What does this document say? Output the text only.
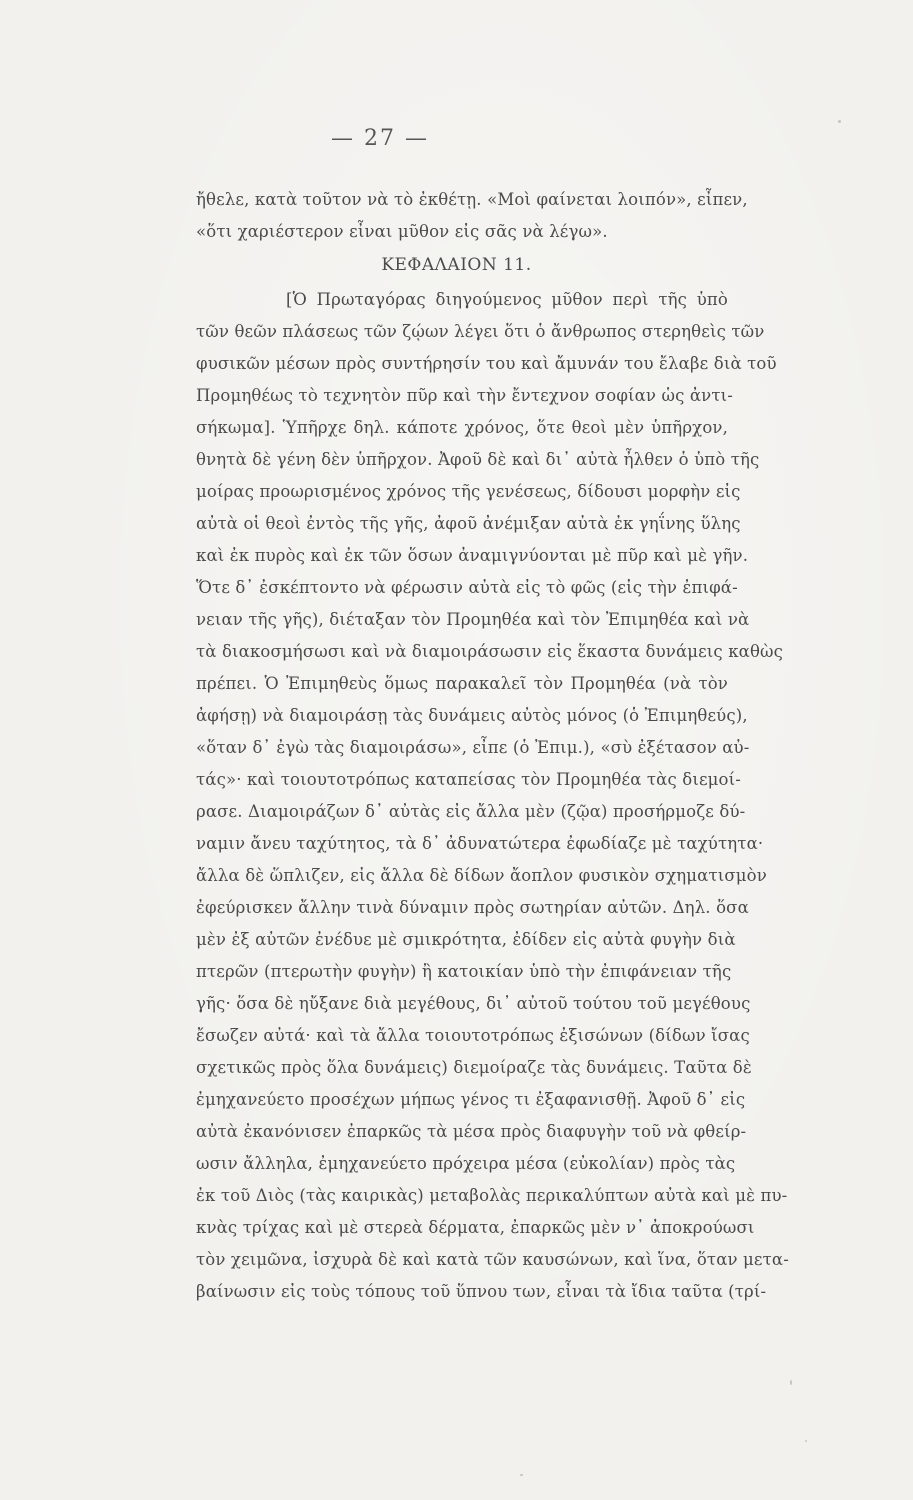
— 27 —
ἤθελε, κατὰ τοῦτον νὰ τὸ ἐκθέτῃ. «Μοὶ φαίνεται λοιπόν», εἶπεν,
«ὅτι χαριέστερον εἶναι μῦθον εἰς σᾶς νὰ λέγω».
ΚΕΦΑΛΑΙΟΝ 11.
[Ὁ Πρωταγόρας διηγούμενος μῦθον περὶ τῆς ὑπὸ
τῶν θεῶν πλάσεως τῶν ζῴων λέγει ὅτι ὁ ἄνθρωπος στερηθεὶς τῶν
φυσικῶν μέσων πρὸς συντήρησίν του καὶ ἄμυνάν του ἔλαβε διὰ τοῦ
Προμηθέως τὸ τεχνητὸν πῦρ καὶ τὴν ἔντεχνον σοφίαν ὡς ἀντι-
σήκωμα]. Ὑπῆρχε δηλ. κάποτε χρόνος, ὅτε θεοὶ μὲν ὑπῆρχον,
θνητὰ δὲ γένη δὲν ὑπῆρχον. Ἀφοῦ δὲ καὶ δι᾽ αὐτὰ ἦλθεν ὁ ὑπὸ τῆς
μοίρας προωρισμένος χρόνος τῆς γενέσεως, δίδουσι μορφὴν εἰς
αὐτὰ οἱ θεοὶ ἐντὸς τῆς γῆς, ἀφοῦ ἀνέμιξαν αὐτὰ ἐκ γηΐνης ὕλης
καὶ ἐκ πυρὸς καὶ ἐκ τῶν ὅσων ἀναμιγνύονται μὲ πῦρ καὶ μὲ γῆν.
Ὅτε δ᾽ ἐσκέπτοντο νὰ φέρωσιν αὐτὰ εἰς τὸ φῶς (εἰς τὴν ἐπιφά-
νειαν τῆς γῆς), διέταξαν τὸν Προμηθέα καὶ τὸν Ἐπιμηθέα καὶ νὰ
τὰ διακοσμήσωσι καὶ νὰ διαμοιράσωσιν εἰς ἕκαστα δυνάμεις καθὼς
πρέπει. Ὁ Ἐπιμηθεὺς ὅμως παρακαλεῖ τὸν Προμηθέα (νὰ τὸν
ἀφήσῃ) νὰ διαμοιράσῃ τὰς δυνάμεις αὐτὸς μόνος (ὁ Ἐπιμηθεύς),
«ὅταν δ᾽ ἐγὼ τὰς διαμοιράσω», εἶπε (ὁ Ἐπιμ.), «σὺ ἐξέτασον αὐ-
τάς»· καὶ τοιουτοτρόπως καταπείσας τὸν Προμηθέα τὰς διεμοί-
ρασε. Διαμοιράζων δ᾽ αὐτὰς εἰς ἄλλα μὲν (ζῷα) προσήρμοζε δύ-
ναμιν ἄνευ ταχύτητος, τὰ δ᾽ ἀδυνατώτερα ἐφωδίαζε μὲ ταχύτητα·
ἄλλα δὲ ὥπλιζεν, εἰς ἄλλα δὲ δίδων ἄοπλον φυσικὸν σχηματισμὸν
ἐφεύρισκεν ἄλλην τινὰ δύναμιν πρὸς σωτηρίαν αὐτῶν. Δηλ. ὅσα
μὲν ἐξ αὐτῶν ἐνέδυε μὲ σμικρότητα, ἐδίδεν εἰς αὐτὰ φυγὴν διὰ
πτερῶν (πτερωτὴν φυγὴν) ἢ κατοικίαν ὑπὸ τὴν ἐπιφάνειαν τῆς
γῆς· ὅσα δὲ ηὔξανε διὰ μεγέθους, δι᾽ αὐτοῦ τούτου τοῦ μεγέθους
ἔσωζεν αὐτά· καὶ τὰ ἄλλα τοιουτοτρόπως ἐξισώνων (δίδων ἴσας
σχετικῶς πρὸς ὅλα δυνάμεις) διεμοίραζε τὰς δυνάμεις. Ταῦτα δὲ
ἐμηχανεύετο προσέχων μήπως γένος τι ἐξαφανισθῇ. Ἀφοῦ δ᾽ εἰς
αὐτὰ ἐκανόνισεν ἐπαρκῶς τὰ μέσα πρὸς διαφυγὴν τοῦ νὰ φθείρ-
ωσιν ἄλληλα, ἐμηχανεύετο πρόχειρα μέσα (εὐκολίαν) πρὸς τὰς
ἐκ τοῦ Διὸς (τὰς καιρικὰς) μεταβολὰς περικαλύπτων αὐτὰ καὶ μὲ πυ-
κνὰς τρίχας καὶ μὲ στερεὰ δέρματα, ἐπαρκῶς μὲν ν᾽ ἀποκρούωσι
τὸν χειμῶνα, ἰσχυρὰ δὲ καὶ κατὰ τῶν καυσώνων, καὶ ἵνα, ὅταν μετα-
βαίνωσιν εἰς τοὺς τόπους τοῦ ὕπνου των, εἶναι τὰ ἴδια ταῦτα (τρί-
